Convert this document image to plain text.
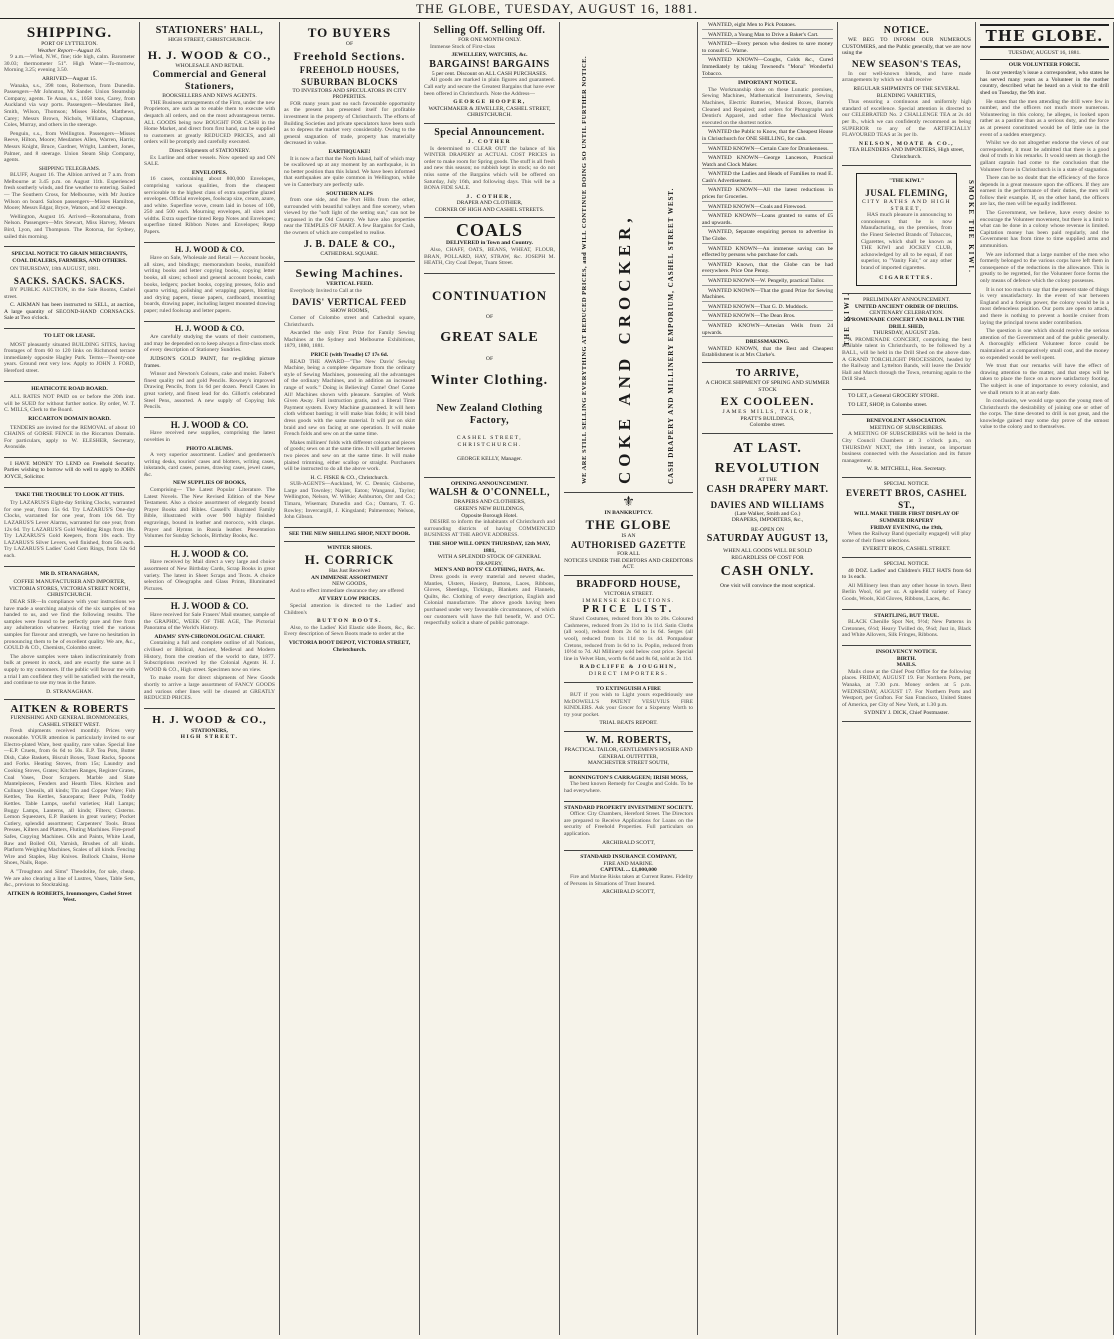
THE GLOBE, TUESDAY, AUGUST 16, 1881.
SHIPPING.
PORT OF LYTTELTON.
Weather Report—August 16.

9 a.m.—Wind, N.W., fine; tide high, calm. Barometer 30.03; thermometer 51°. High Water—To-morrow, Morning 3.25; evening 3.50.

ARRIVED—August 15.

Wanaka, s.s., 398 tons, Robertson, from Dunedin. Passengers—Mr Johnston, Mr Sander. Union Steamship Company, agents. Te Anau, s.s., 1058 tons, Carey, from Auckland via way ports. Passengers—Mesdames Bell, Smith, Wilson, Thomson; Misses Hobbs, Matthews, Carey; Messrs Brown, Nichols, Williams, Chapman, Coles, Murray, and others in the steerage.

Penguin, s.s., from Wellington. Passengers—Misses Reeve, Hilton, Moore; Mesdames Allen, Warren, Harris; Messrs Knight, Bruce, Gardner, Wright, Lambert, Jones, Palmer, and 8 steerage. Union Steam Ship Company, agents.

SHIPPING TELEGRAMS.

BLUFF, August 16. The Albion arrived at 7 a.m. from Melbourne at 3.45 p.m. on August 11th. Experienced fresh southerly winds, and fine weather to entering. Sailed — The Southern Cross, for Melbourne, with Mr Justice Wilson on board. Saloon passengers—Misses Hamilton, Moore; Messrs Edgar, Bryce, Watson, and 32 steerage.

Wellington, August 16. Arrived—Rotomahana, from Nelson. Passengers—Mrs Stewart, Miss Harvey, Messrs Bird, Lyon, and Thompson. The Rotorua, for Sydney, sailed this morning.

SPECIAL NOTICE TO GRAIN MERCHANTS, COAL DEALERS, FARMERS, AND OTHERS.

ON THURSDAY, 18th AUGUST, 1881.

SACKS. SACKS. SACKS.

BY PUBLIC AUCTION, in the Sale Rooms, Cashel street.

C. AIKMAN has been instructed to SELL, at auction, A large quantity of SECOND-HAND CORNSACKS. Sale at Two o'clock.

TO LET OR LEASE.

MOST pleasantly situated BUILDING SITES, having frontages of from 60 to 120 links on Richmond terrace immediately opposite Hagley Park. Terms—Twenty-one years. Ground rent very low. Apply to JOHN J. FORD, Hereford street.

HEATHCOTE ROAD BOARD.

ALL RATES NOT PAID on or before the 20th inst. will be SUED for without further notice. By order, W. T. C. MILLS, Clerk to the Board.

RICCARTON DOMAIN BOARD.

TENDERS are invited for the REMOVAL of about 10 CHAINS of GORSE FENCE in the Riccarton Domain. For particulars, apply to W. ELESHER, Secretary, Avonside.

I HAVE MONEY TO LEND on Freehold Security. Parties wishing to borrow will do well to apply to JOHN JOYCE, Solicitor.

TAKE THE TROUBLE TO LOOK AT THIS.

Try LAZARUS'S Eight-day Striking Clocks, warranted for one year, from 15s 6d. Try LAZARUS'S One-day Clocks, warranted for one year, from 10s 6d. Try LAZARUS'S Lever Alarms, warranted for one year, from 12s 6d. Try LAZARUS'S Gold Wedding Rings from 18s. Try LAZARUS'S Gold Keepers, from 10s each. Try LAZARUS'S Silver Levers, well finished, from 50s each. Try LAZARUS'S Ladies' Gold Gem Rings, from 12s 6d each.

MR D. STRANAGHAN,
COFFEE MANUFACTURER AND IMPORTER,
VICTORIA STORES, VICTORIA STREET NORTH, CHRISTCHURCH.

DEAR SIR—In compliance with your instructions we have made a searching analysis of the six samples of tea handed to us, and we find the following results. The samples were found to be perfectly pure and free from any adulteration whatever. Having tried the various samples for flavour and strength, we have no hesitation in pronouncing them to be of excellent quality. We are, &c., GOULD & CO., Chemists, Colombo street.

The above samples were taken indiscriminately from bulk at present in stock, and are exactly the same as I supply to my customers. If the public will favour me with a trial I am confident they will be satisfied with the result, and continue to use my teas in the future.

D. STRANAGHAN.
AITKEN & ROBERTS
FURNISHING AND GENERAL IRONMONGERS, CASHEL STREET WEST.

Fresh shipments received monthly. Prices very reasonable. YOUR attention is particularly invited to our Electro-plated Ware, best quality, rare value. Special line—E.P. Cruets, from 6s 6d to 50s. E.P. Tea Pots, Butter Dish, Cake Baskets, Biscuit Boxes, Toast Racks, Spoons and Forks. Heating Stoves, from 15s; Laundry and Cooking Stoves, Grates; Kitchen Ranges, Register Grates, Coal Vases, Door Scrapers. Marble and Slate Mantelpieces, Fenders and Hearth Tiles. Kitchen and Culinary Utensils, all kinds; Tin and Copper Ware; Fish Kettles, Tea Kettles, Saucepans; Beer Pulls, Toddy Kettles. Table Lamps, useful varieties; Hall Lamps; Buggy Lamps, Lanterns, all kinds; Filters; Cisterns. Lemon Squeezers, E.P. Baskets in great variety; Pocket Cutlery, splendid assortment; Carpenters' Tools. Brass Presses, Kilters and Platters, Fluting Machines. Fire-proof Safes, Copying Machines. Oils and Paints, White Lead, Raw and Boiled Oil, Varnish, Brushes of all kinds. Platform Weighing Machines, Scales of all kinds. Fencing Wire and Staples, Hay Knives. Bullock Chains, Horse Shoes, Nails, Rope.

A "Troughton and Sims" Theodolite, for sale, cheap. We are also clearing a line of Lustres, Vases, Table Sets, &c., previous to Stocktaking.

AITKEN & ROBERTS, Ironmongers, Cashel Street West.
STATIONERS' HALL,
HIGH STREET, CHRISTCHURCH.
H. J. WOOD & CO.,
WHOLESALE AND RETAIL
Commercial and General
Stationers,
BOOKSELLERS AND NEWS AGENTS.

THE Business arrangements of the Firm, under the new Proprietors, are such as to enable them to execute with despatch all orders, and on the most advantageous terms. ALL GOODS being now BOUGHT FOR CASH in the Home Market, and direct from first hand, can be supplied to customers at greatly REDUCED PRICES, and all orders will be promptly and carefully executed.

Direct Shipments of STATIONERY.

Ex Lurline and other vessels. Now opened up and ON SALE.

ENVELOPES.

16 cases, containing about 800,000 Envelopes, comprising various qualities, from the cheapest serviceable to the highest class of extra superfine glazed envelopes. Official envelopes, foolscap size, cream, azure, and white. Superfine wove, cream laid in boxes of 100, 250 and 500 each. Mourning envelopes, all sizes and widths. Extra superfine tinted Repp Notes and Envelopes; superfine tinted Ribbon Notes and Envelopes; Repp Papers.

H. J. WOOD & CO.

Have on Sale, Wholesale and Retail — Account books, all sizes, and bindings; memorandum books, manifold writing books and letter copying books, copying letter books, all sizes; school and general account books, cash books, ledgers; pocket books, copying presses, folio and quarto writing, polishing and wrapping papers, blotting and drying papers, tissue papers, cardboard, mounting boards, drawing paper, including largest mounted drawing paper; ruled foolscap and letter papers.

H. J. WOOD & CO.

Are carefully studying the wants of their customers, and may be depended on to keep always a first-class stock of every description of Stationery Sundries.

JUDSON'S GOLD PAINT, for re-gilding picture frames.

Winsor and Newton's Colours, cake and moist. Faber's finest quality red and gold Pencils. Rowney's improved Drawing Pencils, from 1s 6d per dozen. Pencil Cases in great variety, and finest lead for do. Gillott's celebrated Steel Pens, assorted. A new supply of Copying Ink Pencils.

H. J. WOOD & CO.

Have received new supplies, comprising the latest novelties in

PHOTO ALBUMS.

A very superior assortment. Ladies' and gentlemen's writing desks, tourists' cases and blotters, writing cases, inkstands, card cases, purses, drawing cases, jewel cases, &c.

NEW SUPPLIES OF BOOKS,

Comprising— The Latest Popular Literature. The Latest Novels. The New Revised Edition of the New Testament. Also a choice assortment of elegantly bound Prayer Books and Bibles. Cassell's illustrated Family Bible, illustrated with over 900 highly finished engravings, bound in leather and morocco, with clasps. Prayer and Hymns in Russia leather. Presentation Volumes for Sunday Schools, Birthday Books, &c.

H. J. WOOD & CO.

Have received by Mail direct a very large and choice assortment of New Birthday Cards, Scrap Books in great variety. The latest in Sheet Scraps and Texts. A choice selection of Oleographs and Glass Prints, Illuminated Pictures.

H. J. WOOD & CO.

Have received for Sale Frasers' Mail steamer, sample of the GRAPHIC, WEEK OF THE AGE, The Pictorial Panorama of the World's History.

ADAMS' SYN-CHRONOLOGICAL CHART.

Containing a full and complete outline of all Nations, civilised or Biblical, Ancient, Medieval and Modern History, from the creation of the world to date, 1877. Subscriptions received by the Colonial Agents H. J. WOOD & CO., High street. Specimen now on view.

To make room for direct shipments of New Goods shortly to arrive a large assortment of FANCY GOODS and various other lines will be cleared at GREATLY REDUCED PRICES.

H. J. WOOD & CO.,
STATIONERS,
HIGH STREET.
TO BUYERS
OF
Freehold Sections.
FREEHOLD HOUSES,
SUBURBAN BLOCKS
TO INVESTORS AND SPECULATORS IN CITY PROPERTIES.

FOR many years past no such favourable opportunity as the present has presented itself for profitable investment in the property of Christchurch. The efforts of Building Societies and private speculators have been such as to depress the market very considerably. Owing to the general stagnation of trade, property has materially decreased in value.

EARTHQUAKE!

It is now a fact that the North Island, half of which may be swallowed up at any moment by an earthquake, is in no better position than this Island. We have been informed that earthquakes are quite common in Wellington, while we in Canterbury are perfectly safe.

SOUTHERN ALPS

from one side, and the Port Hills from the other, surrounded with beautiful valleys and fine scenery, when viewed by the "soft light of the setting sun," can not be surpassed in the Old Country. We have also properties near the TEMPLES OF MART. A few Bargains for Cash, the owners of which are compelled to realise.

J. B. DALE & CO.,
CATHEDRAL SQUARE.
Sewing Machines.
VERTICAL FEED.

Everybody Invited to Call at the

DAVIS' VERTICAL FEED
SHOW ROOMS,

Corner of Colombo street and Cathedral square, Christchurch.

Awarded the only First Prize for Family Sewing Machines at the Sydney and Melbourne Exhibitions, 1879, 1880, 1881.

PRICE (with Treadle) £7 17s 6d.

READ THE AWARD—"The New Davis' Sewing Machine, being a complete departure from the ordinary style of Sewing Machines, possessing all the advantages of the ordinary Machines, and in addition an increased range of work." Doing is Believing! Come! One! Come All! Machines shown with pleasure. Samples of Work Given Away. Full instruction gratis, and a liberal Time Payment system. Every Machine guaranteed. It will hem cloth without basting; it will make bias folds; it will bind dress goods with the same material. It will put on skirt braid and sew on facing at one operation. It will make French folds and sew on at the same time.

Makes milliners' folds with different colours and pieces of goods; sews on at the same time. It will gather between two pieces and sew on at the same time. It will make plaited trimming, either scallop or straight. Purchasers will be instructed to do all the above work.

H. C. FISKE & CO., Christchurch.

SUB-AGENTS—Auckland, W. C. Dennis; Gisborne, Large and Townley; Napier, Eaton; Wanganui, Taylor; Wellington, Nelson, W. Wilkie; Ashburton, Orr and Co.; Timaru, Wiseman; Dunedin and Co.; Oamaru, T. G. Rowley; Invercargill, J. Kingsland; Palmerston; Nelson, John Gibson.

SEE THE NEW SHILLING SHOP, NEXT DOOR.
WINTER SHOES.
H. CORRICK
Has Just Received
AN IMMENSE ASSORTMENT
NEW GOODS,

And to effect immediate clearance they are offered

AT VERY LOW PRICES.

Special attention is directed to the Ladies' and Children's

BUTTON BOOTS.

Also, to the Ladies' Kid Elastic side Boots, &c., &c. Every description of Sewn Boots made to order at the

VICTORIA BOOT DEPOT, VICTORIA STREET, Christchurch.
Selling Off. Selling Off.
FOR ONE MONTH ONLY.

Immense Stock of First-class

JEWELLERY, WATCHES, &c.
BARGAINS! BARGAINS
5 per cent. Discount on ALL CASH PURCHASES.

All goods are marked in plain figures and guaranteed. Call early and secure the Greatest Bargains that have ever been offered in Christchurch. Note the Address—

GEORGE HOOPER,
WATCHMAKER & JEWELLER, CASHEL STREET, CHRISTCHURCH.
Special Announcement.
J. COTHER

Is determined to CLEAR OUT the balance of his WINTER DRAPERY at ACTUAL COST PRICES in order to make room for Spring goods. The stuff is all fresh and new this season; no rubbish kept in stock; so do not miss some of the Bargains which will be offered on Saturday, July 16th, and following days. This will be a BONA FIDE SALE.

J. COTHER,
DRAPER AND CLOTHIER,
CORNER OF HIGH AND CASHEL STREETS.
COALS
DELIVERED in Town and Country.

Also, CHAFF, OATS, BEANS, WHEAT, FLOUR, BRAN, POLLARD, HAY, STRAW, &c. JOSEPH M. HEATH, City Coal Depot, Tuam Street.

CONTINUATION
OF
GREAT SALE
OF
Winter Clothing.
New Zealand Clothing
Factory,
CASHEL STREET,
CHRISTCHURCH.
GEORGE KELLY, Manager.
OPENING ANNOUNCEMENT.
WALSH & O'CONNELL,
DRAPERS AND CLOTHIERS,
GREEN'S NEW BUILDINGS,
Opposite Borough Hotel.

DESIRE to inform the inhabitants of Christchurch and surrounding districts of having COMMENCED BUSINESS AT THE ABOVE ADDRESS.

THE SHOP WILL OPEN THURSDAY, 12th MAY, 1881,
WITH A SPLENDID STOCK OF GENERAL DRAPERY,
MEN'S AND BOYS' CLOTHING, HATS, &c.

Dress goods in every material and newest shades, Mantles, Ulsters, Hosiery, Buttons, Laces, Ribbons, Gloves, Sheetings, Tickings, Blankets and Flannels, Quilts, &c. Clothing of every description, English and Colonial manufacture. The above goods having been purchased under very favourable circumstances, of which our customers will have the full benefit, W. and O'C. respectfully solicit a share of public patronage.

WE ARE STILL SELLING EVERYTHING AT REDUCED PRICES, and WILL CONTINUE DOING SO UNTIL FURTHER NOTICE. COKE AND CROCKER,	CASH DRAPERY AND MILLINERY EMPORIUM, CASHEL STREET WEST.
⚜
IN BANKRUPTCY.
THE GLOBE
IS AN
AUTHORISED GAZETTE
FOR ALL
NOTICES UNDER THE DEBTORS AND CREDITORS ACT.
BRADFORD HOUSE,
VICTORIA STREET.
IMMENSE REDUCTIONS.
PRICE LIST.

Shawl Costumes, reduced from 30s to 20s. Coloured Cashmeres, reduced from 2s 11d to 1s 11d. Satin Cloths (all wool), reduced from 2s 6d to 1s 6d. Serges (all wool), reduced from 1s 11d to 1s 4d. Pompadour Cretons, reduced from 1s 6d to 1s. Poplin, reduced from 10½d to 7d. All Millinery sold below cost price. Special line in Velvet Hats, worth 6s 6d and 8s 6d, sold at 2s 11d.

RADCLIFFE & JOUGHIN,
DIRECT IMPORTERS.
TO EXTINGUISH A FIRE

BUT if you wish to Light yours expeditiously use McDOWELL'S PATENT VESUVIUS FIRE KINDLERS. Ask your Grocer for a Sixpenny Worth to try your pocket.

TRIAL BEATS REPORT.
W. M. ROBERTS,
PRACTICAL TAILOR, GENTLEMEN'S HOSIER AND GENERAL OUTFITTER,
MANCHESTER STREET SOUTH,
BONNINGTON'S CARRAGEEN; IRISH MOSS,

The best known Remedy for Coughs and Colds. To be had everywhere.

STANDARD PROPERTY INVESTMENT SOCIETY.

Office: City Chambers, Hereford Street. The Directors are prepared to Receive Applications for Loans on the security of Freehold Properties. Full particulars on application.

ARCHIBALD SCOTT,
STANDARD INSURANCE COMPANY,
FIRE AND MARINE.
CAPITAL ... £1,000,000

Fire and Marine Risks taken at Current Rates. Fidelity of Persons in Situations of Trust Insured.

ARCHIBALD SCOTT,

WANTED, eight Men to Pick Potatoes.

WANTED, a Young Man to Drive a Baker's Cart.

WANTED—Every person who desires to save money to consult G. Warne.

WANTED KNOWN—Coughs, Colds &c., Cured Immediately by taking Townend's "Mona" Wonderful Tobacco.

IMPORTANT NOTICE.

The Workmanship done on these Lunatic premises, Sewing Machines, Mathematical Instruments, Sewing Machines, Electric Batteries, Musical Boxes, Barrels Cleaned and Repaired; and orders for Photographs and Dentist's Apparel, and other fine Mechanical Work executed on the shortest notice.

WANTED the Public to Know, that the Cheapest House in Christchurch for ONE SHILLING, for cash.

WANTED KNOWN—Certain Cure for Drunkenness.

WANTED KNOWN—George Lanceson, Practical Watch and Clock Maker.

WANTED the Ladies and Heads of Families to read E. Cash's Advertisement.

WANTED KNOWN—All the latest reductions in prices for Groceries.

WANTED KNOWN—Coals and Firewood.

WANTED KNOWN—Loans granted to sums of £5 and upwards.

WANTED, Separate enquiring person to advertise in The Globe.

WANTED KNOWN—An immense saving can be effected by persons who purchase for cash.

WANTED Known, that the Globe can be had everywhere. Price One Penny.

WANTED KNOWN—W. Pengelly, practical Tailor.

WANTED KNOWN—That the grand Prize for Sewing Machines.

WANTED KNOWN—That G. D. Muddock.

WANTED KNOWN—The Dean Bros.

WANTED KNOWN—Artesian Wells from 24 upwards.

DRESSMAKING.

WANTED KNOWN, that the Best and Cheapest Establishment is at Mrs Clarke's.

TO ARRIVE,
A CHOICE SHIPMENT OF SPRING AND SUMMER STOCK
EX COOLEEN.
JAMES MILLS, TAILOR,
PRATT'S BUILDINGS,
Colombo street.
AT LAST.
REVOLUTION
AT THE
CASH DRAPERY MART.
DAVIES AND WILLIAMS
(Late Walker, Smith and Co.)
DRAPERS, IMPORTERS, &c.,
RE-OPEN ON
SATURDAY AUGUST 13,
WHEN ALL GOODS WILL BE SOLD
REGARDLESS OF COST FOR
CASH ONLY.
One visit will convince the most sceptical.
NOTICE.

WE BEG TO INFORM OUR NUMEROUS CUSTOMERS, and the Public generally, that we are now using the

NEW SEASON'S TEAS,

In our well-known blends, and have made arrangements by which we shall receive

REGULAR SHIPMENTS OF THE SEVERAL BLENDING VARIETIES,

Thus ensuring a continuous and uniformly high standard of excellence. Special attention is directed to our CELEBRATED No. 2 CHALLENGE TEA at 2s 4d per lb., which we can confidently recommend as being SUPERIOR to any of the ARTIFICIALLY FLAVOURED TEAS at 3s per lb.

NELSON, MOATE & CO.,
TEA BLENDERS AND IMPORTERS, High street, Christchurch.
THE KIWI.
SMOKE THE KIWI.
"THE KIWI."
JUSAL FLEMING,
CITY BATHS AND HIGH STREET,

HAS much pleasure in announcing to connoisseurs that he is now Manufacturing, on the premises, from the Finest Selected Brands of Tobaccos, Cigarettes, which shall be known as THE KIWI and JOCKEY CLUB, acknowledged by all to be equal, if not superior, to "Vanity Fair," or any other brand of imported cigarettes.

CIGARETTES.
PRELIMINARY ANNOUNCEMENT.
UNITED ANCIENT ORDER OF DRUIDS.
CENTENARY CELEBRATION.
PROMENADE CONCERT AND BALL IN THE DRILL SHED,
THURSDAY, AUGUST 25th.

A PROMENADE CONCERT, comprising the best available talent in Christchurch, to be followed by a BALL, will be held in the Drill Shed on the above date. A GRAND TORCHLIGHT PROCESSION, headed by the Railway and Lyttelton Bands, will leave the Druids' Hall and March through the Town, returning again to the Drill Shed.

TO LET, a General GROCERY STORE.

TO LET, SHOP, in Colombo street.

BENEVOLENT ASSOCIATION.
MEETING OF SUBSCRIBERS.

A MEETING OF SUBSCRIBERS will be held in the City Council Chambers at 3 o'clock p.m., on THURSDAY NEXT, the 18th instant, on important business connected with the Association and its future management.

W. R. MITCHELL, Hon. Secretary.
SPECIAL NOTICE.
EVERETT BROS, CASHEL ST.,
WILL MAKE THEIR FIRST DISPLAY OF SUMMER DRAPERY
FRIDAY EVENING, the 19th,

When the Railway Band (specially engaged) will play some of their finest selections.

EVERETT BROS, CASHEL STREET.
SPECIAL NOTICE.

40 DOZ. Ladies' and Children's FELT HATS from 6d to 1s each.

All Millinery less than any other house in town. Best Berlin Wool, 6d per oz. A splendid variety of Fancy Goods, Wools, Kid Gloves, Ribbons, Laces, &c.

STARTLING, BUT TRUE.

BLACK Chenille Spot Net, 9½d; New Patterns in Cretonnes, 6½d; Heavy Twilled do, 9¼d; Just in, Black and White Allovers, Silk Fringes, Ribbons.

INSOLVENCY NOTICE.
BIRTH.
MAILS.

Mails close at the Chief Post Office for the following places. FRIDAY, AUGUST 19. For Northern Ports, per Wanaka, at 7.30 p.m. Money orders at 5 p.m. WEDNESDAY, AUGUST 17. For Northern Ports and Westport, per Grafton. For San Francisco, United States of America, per City of New York, at 1.30 p.m.

SYDNEY J. DICK, Chief Postmaster.
THE GLOBE.
TUESDAY, AUGUST 16, 1881.
OUR VOLUNTEER FORCE.

In our yesterday's issue a correspondent, who states he has served many years as a Volunteer in the mother country, described what he heard on a visit to the drill shed on Tuesday, the 9th inst.

He states that the men attending the drill were few in number, and the officers not much more numerous. Volunteering in this colony, he alleges, is looked upon rather as a pastime than as a serious duty, and the force as at present constituted would be of little use in the event of a sudden emergency.

Whilst we do not altogether endorse the views of our correspondent, it must be admitted that there is a good deal of truth in his remarks. It would seem as though the gallant captain had come to the conclusion that the Volunteer force in Christchurch is in a state of stagnation.

There can be no doubt that the efficiency of the force depends in a great measure upon the officers. If they are earnest in the performance of their duties, the men will follow their example. If, on the other hand, the officers are lax, the men will be equally indifferent.

The Government, we believe, have every desire to encourage the Volunteer movement, but there is a limit to what can be done in a colony whose revenue is limited. Capitation money has been paid regularly, and the Government has from time to time supplied arms and ammunition.

We are informed that a large number of the men who formerly belonged to the various corps have left them in consequence of the reductions in the allowance. This is greatly to be regretted, for the Volunteer force forms the only means of defence which the colony possesses.

It is not too much to say that the present state of things is very unsatisfactory. In the event of war between England and a foreign power, the colony would be in a most defenceless position. Our ports are open to attack, and there is nothing to prevent a hostile cruiser from laying the principal towns under contribution.

The question is one which should receive the serious attention of the Government and of the public generally. A thoroughly efficient Volunteer force could be maintained at a comparatively small cost, and the money so expended would be well spent.

We trust that our remarks will have the effect of drawing attention to the matter, and that steps will be taken to place the force on a more satisfactory footing. The subject is one of importance to every colonist, and we shall return to it at an early date.

In conclusion, we would urge upon the young men of Christchurch the desirability of joining one or other of the corps. The time devoted to drill is not great, and the knowledge gained may some day prove of the utmost value to the colony and to themselves.
